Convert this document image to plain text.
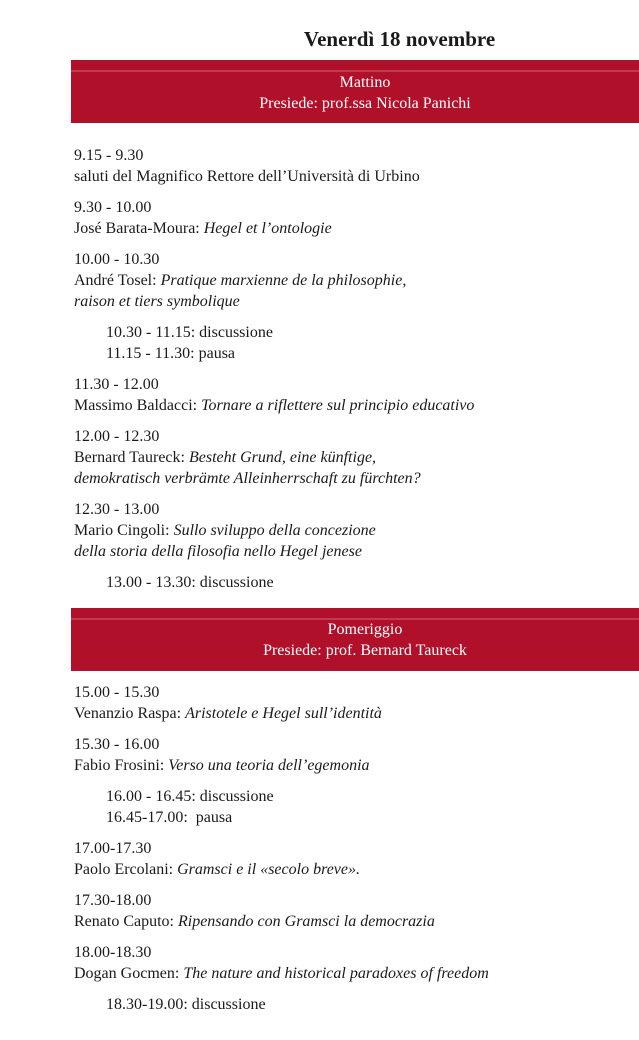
Venerdì 18 novembre
Mattino
Presiede: prof.ssa Nicola Panichi
9.15 - 9.30
saluti del Magnifico Rettore dell’Università di Urbino
9.30 - 10.00
José Barata-Moura: Hegel et l’ontologie
10.00 - 10.30
André Tosel: Pratique marxienne de la philosophie,
raison et tiers symbolique
10.30 - 11.15: discussione
11.15 - 11.30: pausa
11.30 - 12.00
Massimo Baldacci: Tornare a riflettere sul principio educativo
12.00 - 12.30
Bernard Taureck: Besteht Grund, eine künftige,
demokratisch verbrämte Alleinherrschaft zu fürchten?
12.30 - 13.00
Mario Cingoli: Sullo sviluppo della concezione
della storia della filosofia nello Hegel jenese
13.00 - 13.30: discussione
Pomeriggio
Presiede: prof. Bernard Taureck
15.00 - 15.30
Venanzio Raspa: Aristotele e Hegel sull’identità
15.30 - 16.00
Fabio Frosini: Verso una teoria dell’egemonia
16.00 - 16.45: discussione
16.45-17.00:  pausa
17.00-17.30
Paolo Ercolani: Gramsci e il «secolo breve».
17.30-18.00
Renato Caputo: Ripensando con Gramsci la democrazia
18.00-18.30
Dogan Gocmen: The nature and historical paradoxes of freedom
18.30-19.00: discussione
